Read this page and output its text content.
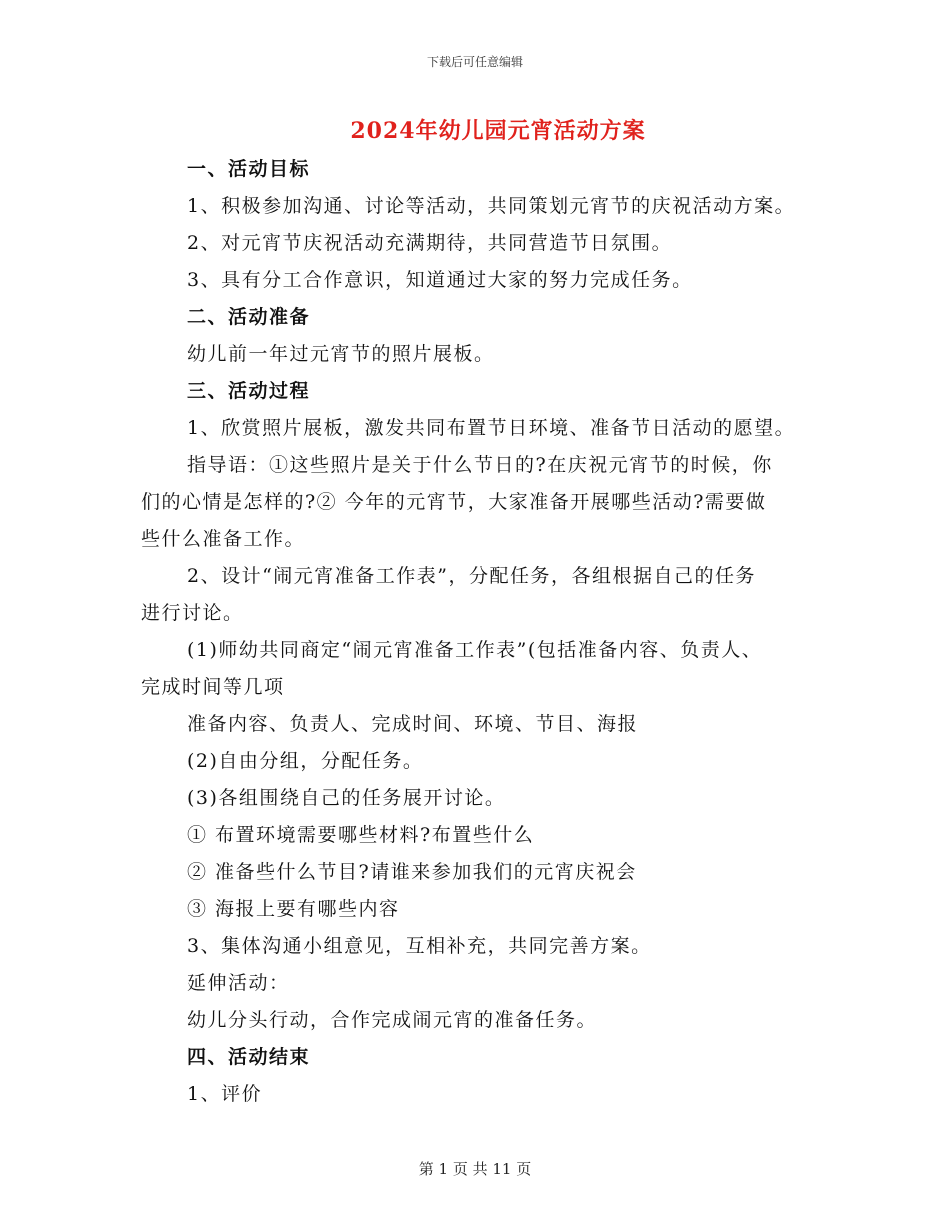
下载后可任意编辑
2024年幼儿园元宵活动方案
一、活动目标
1、积极参加沟通、讨论等活动，共同策划元宵节的庆祝活动方案。
2、对元宵节庆祝活动充满期待，共同营造节日氛围。
3、具有分工合作意识，知道通过大家的努力完成任务。
二、活动准备
幼儿前一年过元宵节的照片展板。
三、活动过程
1、欣赏照片展板，激发共同布置节日环境、准备节日活动的愿望。
指导语：①这些照片是关于什么节日的?在庆祝元宵节的时候，你
们的心情是怎样的?② 今年的元宵节，大家准备开展哪些活动?需要做
些什么准备工作。
2、设计“闹元宵准备工作表”，分配任务，各组根据自己的任务
进行讨论。
(1)师幼共同商定“闹元宵准备工作表”(包括准备内容、负责人、
完成时间等几项
准备内容、负责人、完成时间、环境、节目、海报
(2)自由分组，分配任务。
(3)各组围绕自己的任务展开讨论。
① 布置环境需要哪些材料?布置些什么
② 准备些什么节目?请谁来参加我们的元宵庆祝会
③ 海报上要有哪些内容
3、集体沟通小组意见，互相补充，共同完善方案。
延伸活动：
幼儿分头行动，合作完成闹元宵的准备任务。
四、活动结束
1、评价
第 1 页 共 11 页
